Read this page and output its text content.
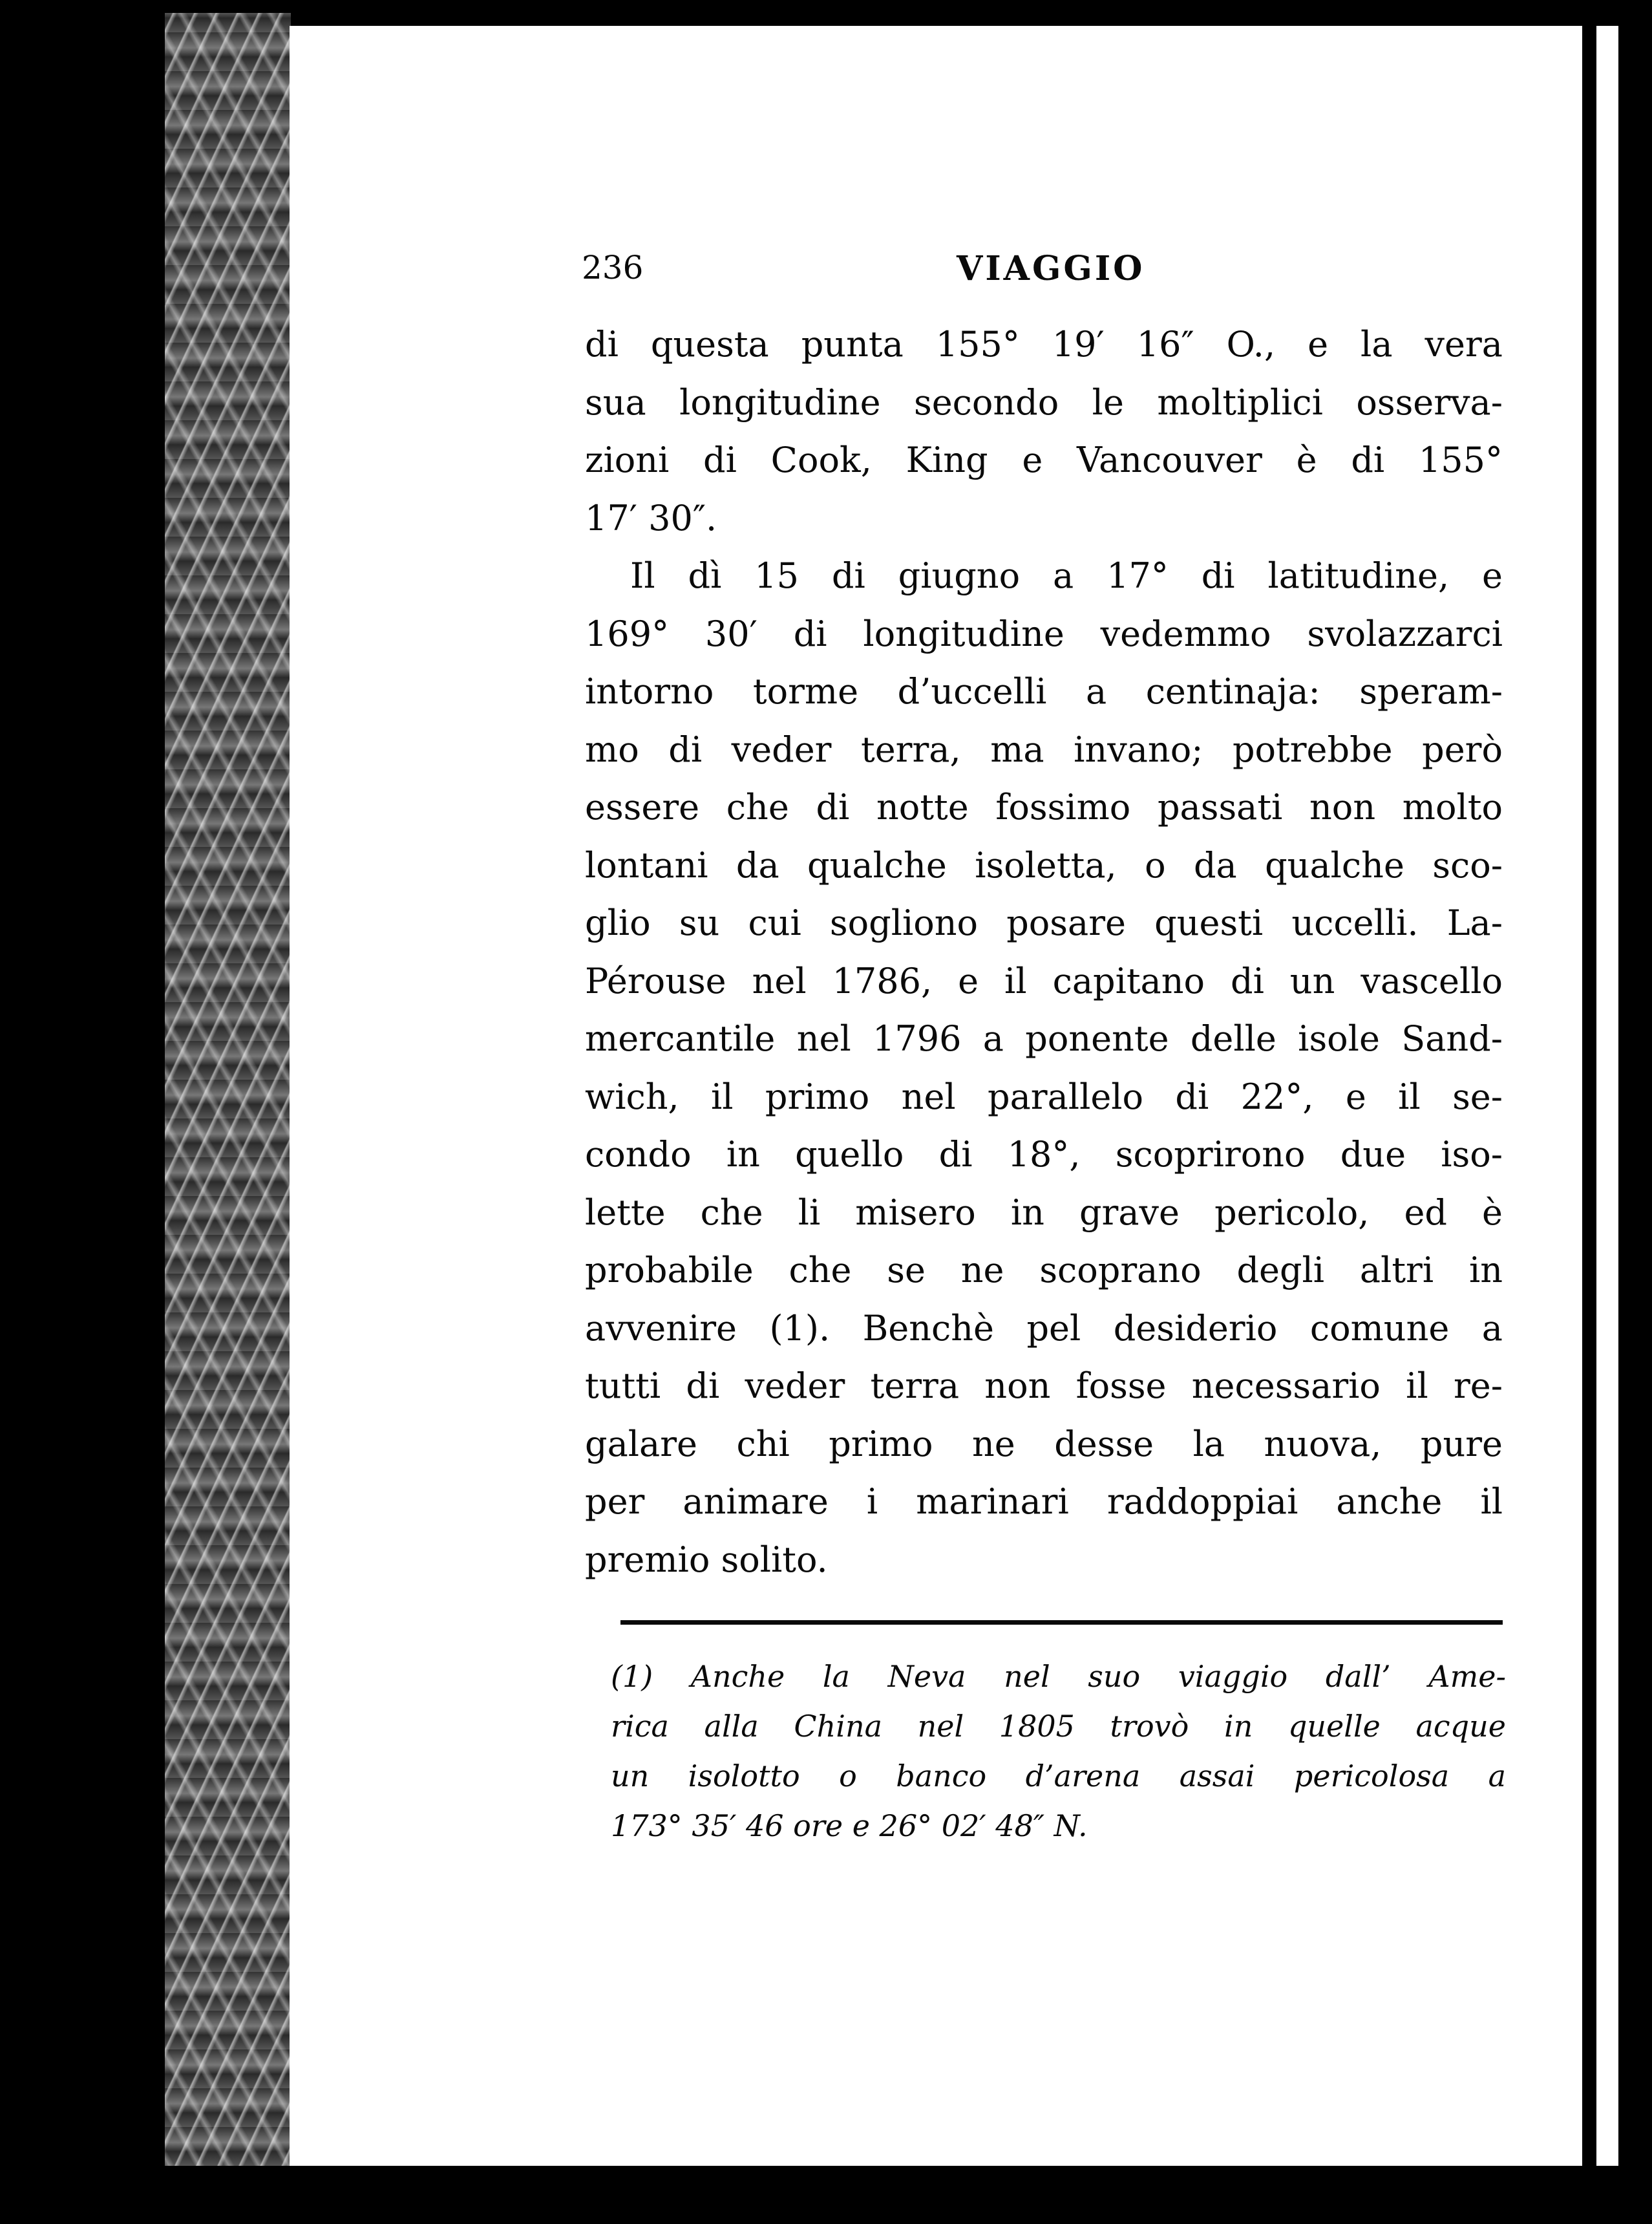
236	VIAGGIO
di questa punta 155° 19′ 16″ O., e la vera
sua longitudine secondo le moltiplici osserva-
zioni di Cook, King e Vancouver è di 155°
17′ 30″.
Il dì 15 di giugno a 17° di latitudine, e
169° 30′ di longitudine vedemmo svolazzarci
intorno torme d’uccelli a centinaja: speram-
mo di veder terra, ma invano; potrebbe però
essere che di notte fossimo passati non molto
lontani da qualche isoletta, o da qualche sco-
glio su cui sogliono posare questi uccelli. La-
Pérouse nel 1786, e il capitano di un vascello
mercantile nel 1796 a ponente delle isole Sand-
wich, il primo nel parallelo di 22°, e il se-
condo in quello di 18°, scoprirono due iso-
lette che li misero in grave pericolo, ed è
probabile che se ne scoprano degli altri in
avvenire (1). Benchè pel desiderio comune a
tutti di veder terra non fosse necessario il re-
galare chi primo ne desse la nuova, pure
per animare i marinari raddoppiai anche il
premio solito.
(1) Anche la Neva nel suo viaggio dall’ Ame-
rica alla China nel 1805 trovò in quelle acque
un isolotto o banco d’arena assai pericolosa a
173° 35′ 46 ore e 26° 02′ 48″ N.
